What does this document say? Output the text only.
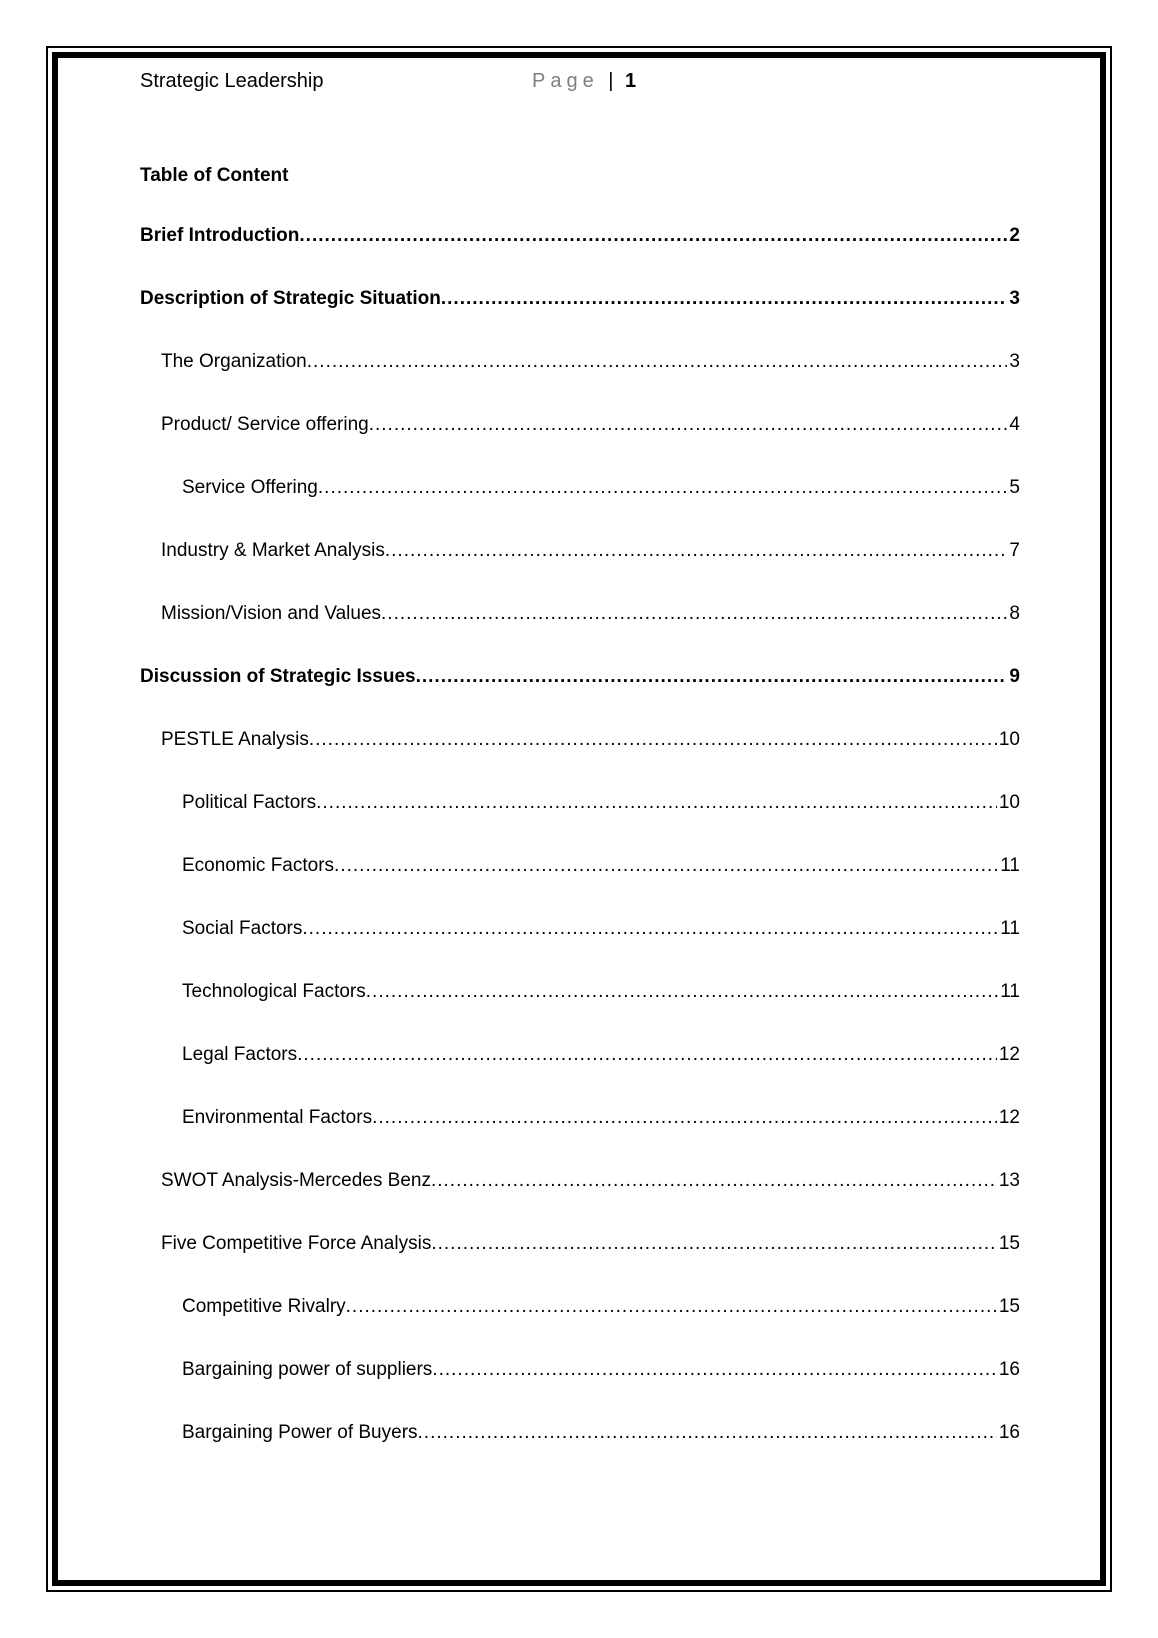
Strategic Leadership	Page | 1
Table of Content
Brief Introduction .....	2
Description of Strategic Situation .....	3
The Organization .....	3
Product/ Service offering .....	4
Service Offering .....	5
Industry & Market Analysis .....	7
Mission/Vision and Values .....	8
Discussion of Strategic Issues .....	9
PESTLE Analysis .....	10
Political Factors .....	10
Economic Factors .....	11
Social Factors .....	11
Technological Factors .....	11
Legal Factors .....	12
Environmental Factors .....	12
SWOT Analysis-Mercedes Benz .....	13
Five Competitive Force Analysis .....	15
Competitive Rivalry .....	15
Bargaining power of suppliers .....	16
Bargaining Power of Buyers .....	16
